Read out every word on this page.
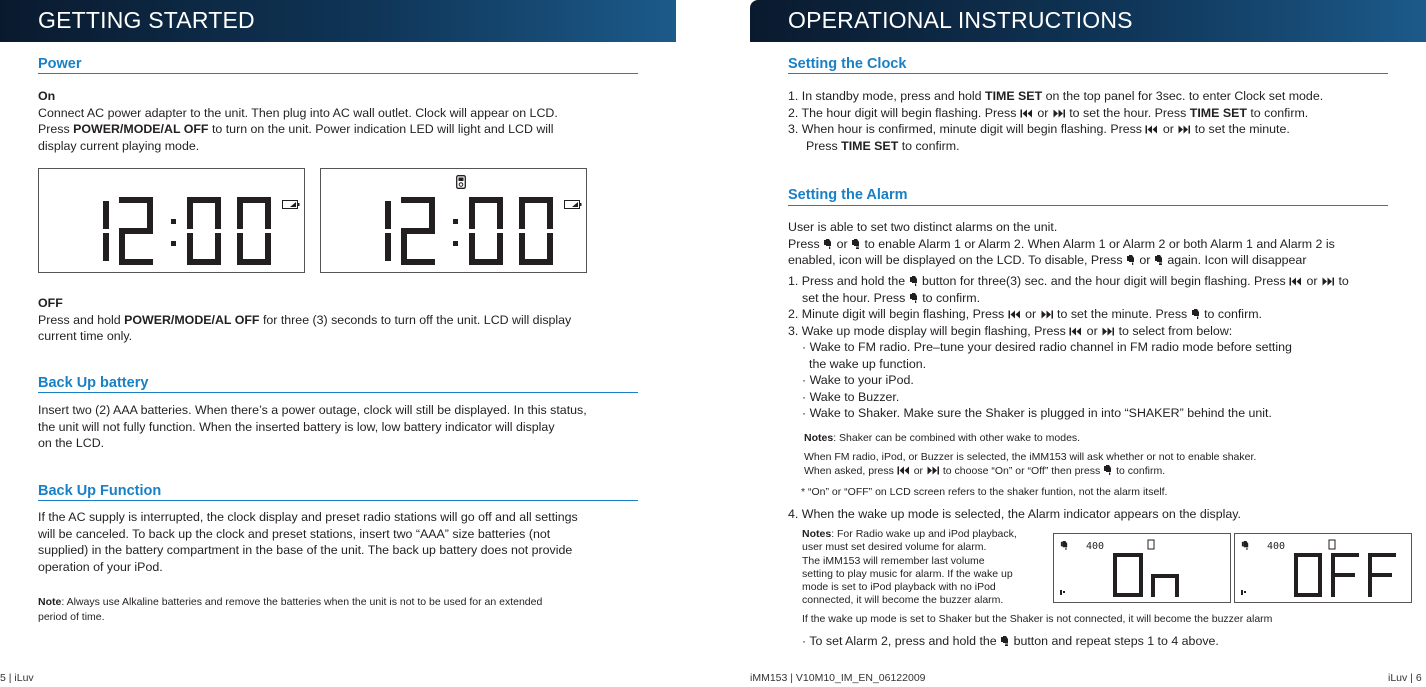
GETTING STARTED
Power
On
Connect AC power adapter to the unit. Then plug into AC wall outlet. Clock will appear on LCD.
Press POWER/MODE/AL OFF to turn on the unit. Power indication LED will light and LCD will
display current playing mode.
OFF
Press and hold POWER/MODE/AL OFF for three (3) seconds to turn off the unit. LCD will display
current time only.
Back Up battery
Insert two (2) AAA batteries. When there’s a power outage, clock will still be displayed. In this status,
the unit will not fully function. When the inserted battery is low, low battery indicator will display
on the LCD.
Back Up Function
If the AC supply is interrupted, the clock display and preset radio stations will go off and all settings
will be canceled. To back up the clock and preset stations, insert two “AAA” size batteries (not
supplied) in the battery compartment in the base of the unit. The back up battery does not provide
operation of your iPod.
Note: Always use Alkaline batteries and remove the batteries when the unit is not to be used for an extended
period of time.
5 | iLuv
OPERATIONAL INSTRUCTIONS
Setting the Clock
1. In standby mode, press and hold TIME SET on the top panel for 3sec. to enter Clock set mode.
2. The hour digit will begin flashing. Press  or  to set the hour. Press TIME SET to confirm.
3. When hour is confirmed, minute digit will begin flashing. Press  or  to set the minute.
Press TIME SET to confirm.
Setting the Alarm
User is able to set two distinct alarms on the unit.
Press  or  to enable Alarm 1 or Alarm 2. When Alarm 1 or Alarm 2 or both Alarm 1 and Alarm 2 is
enabled, icon will be displayed on the LCD. To disable, Press  or  again. Icon will disappear
1. Press and hold the  button for three(3) sec. and the hour digit will begin flashing. Press  or  to
set the hour. Press  to confirm.
2. Minute digit will begin flashing, Press  or  to set the minute. Press  to confirm.
3. Wake up mode display will begin flashing, Press  or  to select from below:
· Wake to FM radio. Pre–tune your desired radio channel in FM radio mode before setting
the wake up function.
· Wake to your iPod.
· Wake to Buzzer.
· Wake to Shaker. Make sure the Shaker is plugged in into “SHAKER” behind the unit.
Notes: Shaker can be combined with other wake to modes.
When FM radio, iPod, or Buzzer is selected, the iMM153 will ask whether or not to enable shaker.
When asked, press  or  to choose “On” or “Off” then press  to confirm.
* “On” or “OFF” on LCD screen refers to the shaker funtion, not the alarm itself.
4. When the wake up mode is selected, the Alarm indicator appears on the display.
Notes: For Radio wake up and iPod playback,
user must set desired volume for alarm.
The iMM153 will remember last volume
setting to play music for alarm. If the wake up
mode is set to iPod playback with no iPod
connected, it will become the buzzer alarm.
If the wake up mode is set to Shaker but the Shaker is not connected, it will become the buzzer alarm
400
On
400
OFF
· To set Alarm 2, press and hold the  button and repeat steps 1 to 4 above.
iMM153 | V10M10_IM_EN_06122009	iLuv | 6
